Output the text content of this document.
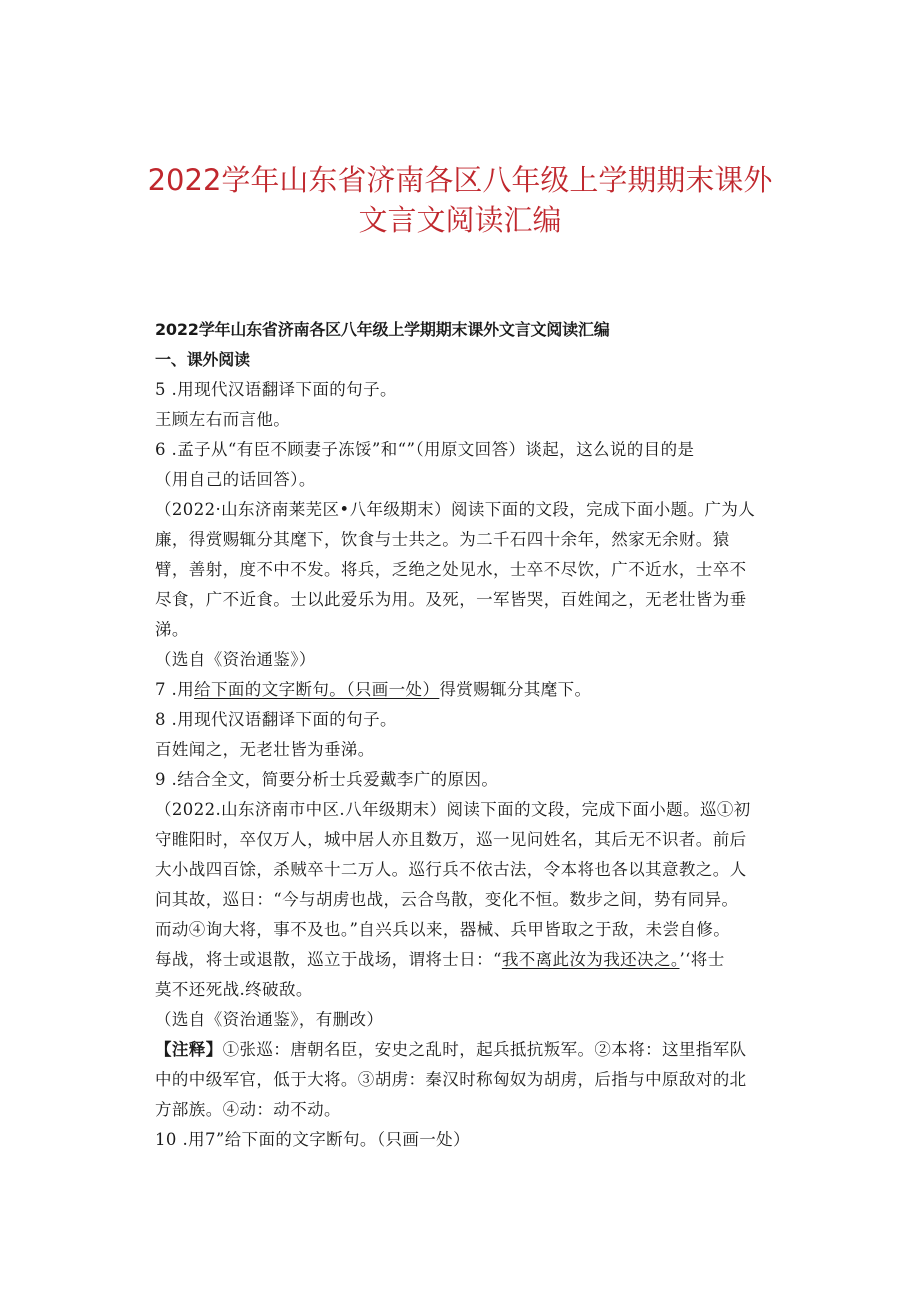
2022学年山东省济南各区八年级上学期期末课外
文言文阅读汇编
2022学年山东省济南各区八年级上学期期末课外文言文阅读汇编
一、课外阅读
5 .用现代汉语翻译下面的句子。
王顾左右而言他。
6 .孟子从“有臣不顾妻子冻馁”和“”（用原文回答）谈起，这么说的目的是
（用自己的话回答）。
（2022·山东济南莱芜区•八年级期末）阅读下面的文段，完成下面小题。广为人
廉，得赏赐辄分其麾下，饮食与士共之。为二千石四十余年，然家无余财。猿
臂，善射，度不中不发。将兵，乏绝之处见水，士卒不尽饮，广不近水，士卒不
尽食，广不近食。士以此爱乐为用。及死，一军皆哭，百姓闻之，无老壮皆为垂
涕。
（选自《资治通鉴》）
7 .用给下面的文字断句。（只画一处）得赏赐辄分其麾下。
8 .用现代汉语翻译下面的句子。
百姓闻之，无老壮皆为垂涕。
9 .结合全文，简要分析士兵爱戴李广的原因。
（2022.山东济南市中区.八年级期末）阅读下面的文段，完成下面小题。巡①初
守睢阳时，卒仅万人，城中居人亦且数万，巡一见问姓名，其后无不识者。前后
大小战四百馀，杀贼卒十二万人。巡行兵不依古法，令本将也各以其意教之。人
问其故，巡日：“今与胡虏也战，云合鸟散，变化不恒。数步之间，势有同异。
而动④询大将，事不及也。”自兴兵以来，器械、兵甲皆取之于敌，未尝自修。
每战，将士或退散，巡立于战场，谓将士日：“我不离此汝为我还决之。’‘将士
莫不还死战.终破敌。
（选自《资治通鉴》，有删改）
【注释】①张巡：唐朝名臣，安史之乱时，起兵抵抗叛军。②本将：这里指军队
中的中级军官，低于大将。③胡虏：秦汉时称匈奴为胡虏，后指与中原敌对的北
方部族。④动：动不动。
10 .用7”给下面的文字断句。（只画一处）
